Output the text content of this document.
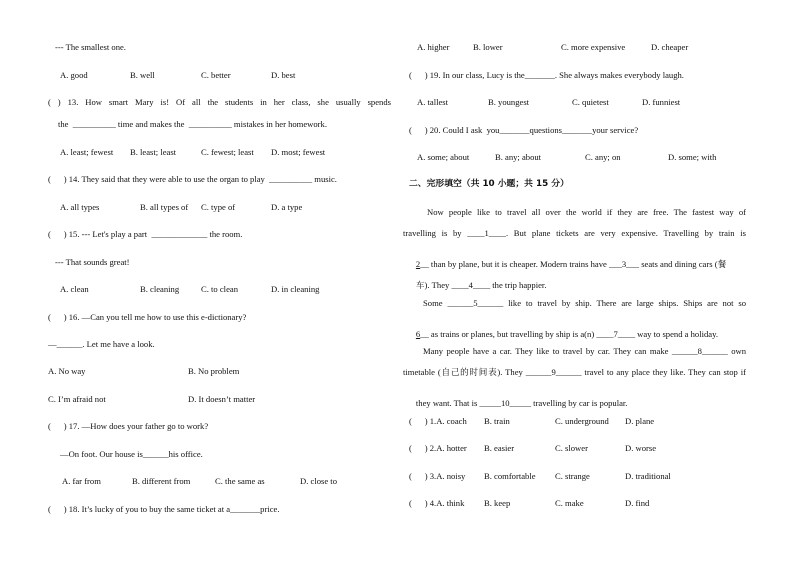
--- The smallest one.
A. good	B. well	C. better	D. best
( ) 13. How smart Mary is! Of all the students in her class, she usually spends
the  __________ time and makes the  __________ mistakes in her homework.
A. least; fewest B. least; least	C. fewest; least D. most; fewest
(      ) 14. They said that they were able to use the organ to play  __________ music.
A. all types	B. all types of C. type of	D. a type
(      ) 15. --- Let's play a part  _____________ the room.
--- That sounds great!
A. clean	B. cleaning	C. to clean	D. in cleaning
(      ) 16. —Can you tell me how to use this e-dictionary?
—______. Let me have a look.
A. No way	B. No problem
C. I’m afraid not	D. It doesn’t matter
(      ) 17. —How does your father go to work?
—On foot. Our house is______his office.
A. far from	B. different from	C. the same as	D. close to
(      ) 18. It’s lucky of you to buy the same ticket at a_______price.
A. higher	B. lower	C. more expensive	D. cheaper
(      ) 19. In our class, Lucy is the_______. She always makes everybody laugh.
A. tallest	B. youngest	C. quietest	D. funniest
(      ) 20. Could I ask  you_______questions_______your service?
A. some; about	B. any; about	C. any; on	D. some; with
二、完形填空（共 10 小题；共 15 分）
Now people like to travel all over the world if they are free. The fastest way of
travelling is by ____1____. But plane tickets are very expensive. Travelling by train is

2__ than by plane, but it is cheaper. Modern trains have ___3___ seats and dining cars (餐

车). They ____4____ the trip happier.

Some ______5______ like to travel by ship. There are large ships. Ships are not so

6__ as trains or planes, but travelling by ship is a(n) ____7____ way to spend a holiday.

Many people have a car. They like to travel by car. They can make ______8______ own
timetable (自己的时间表). They ______9______ travel to any place they like. They can stop if

they want. That is _____10_____ travelling by car is popular.

(      ) 1.A. coach B. train	C. underground D. plane
(      ) 2.A. hotter B. easier	C. slower	D. worse
(      ) 3.A. noisy B. comfortable C. strange	D. traditional
(      ) 4.A. think B. keep	C. make	D. find
